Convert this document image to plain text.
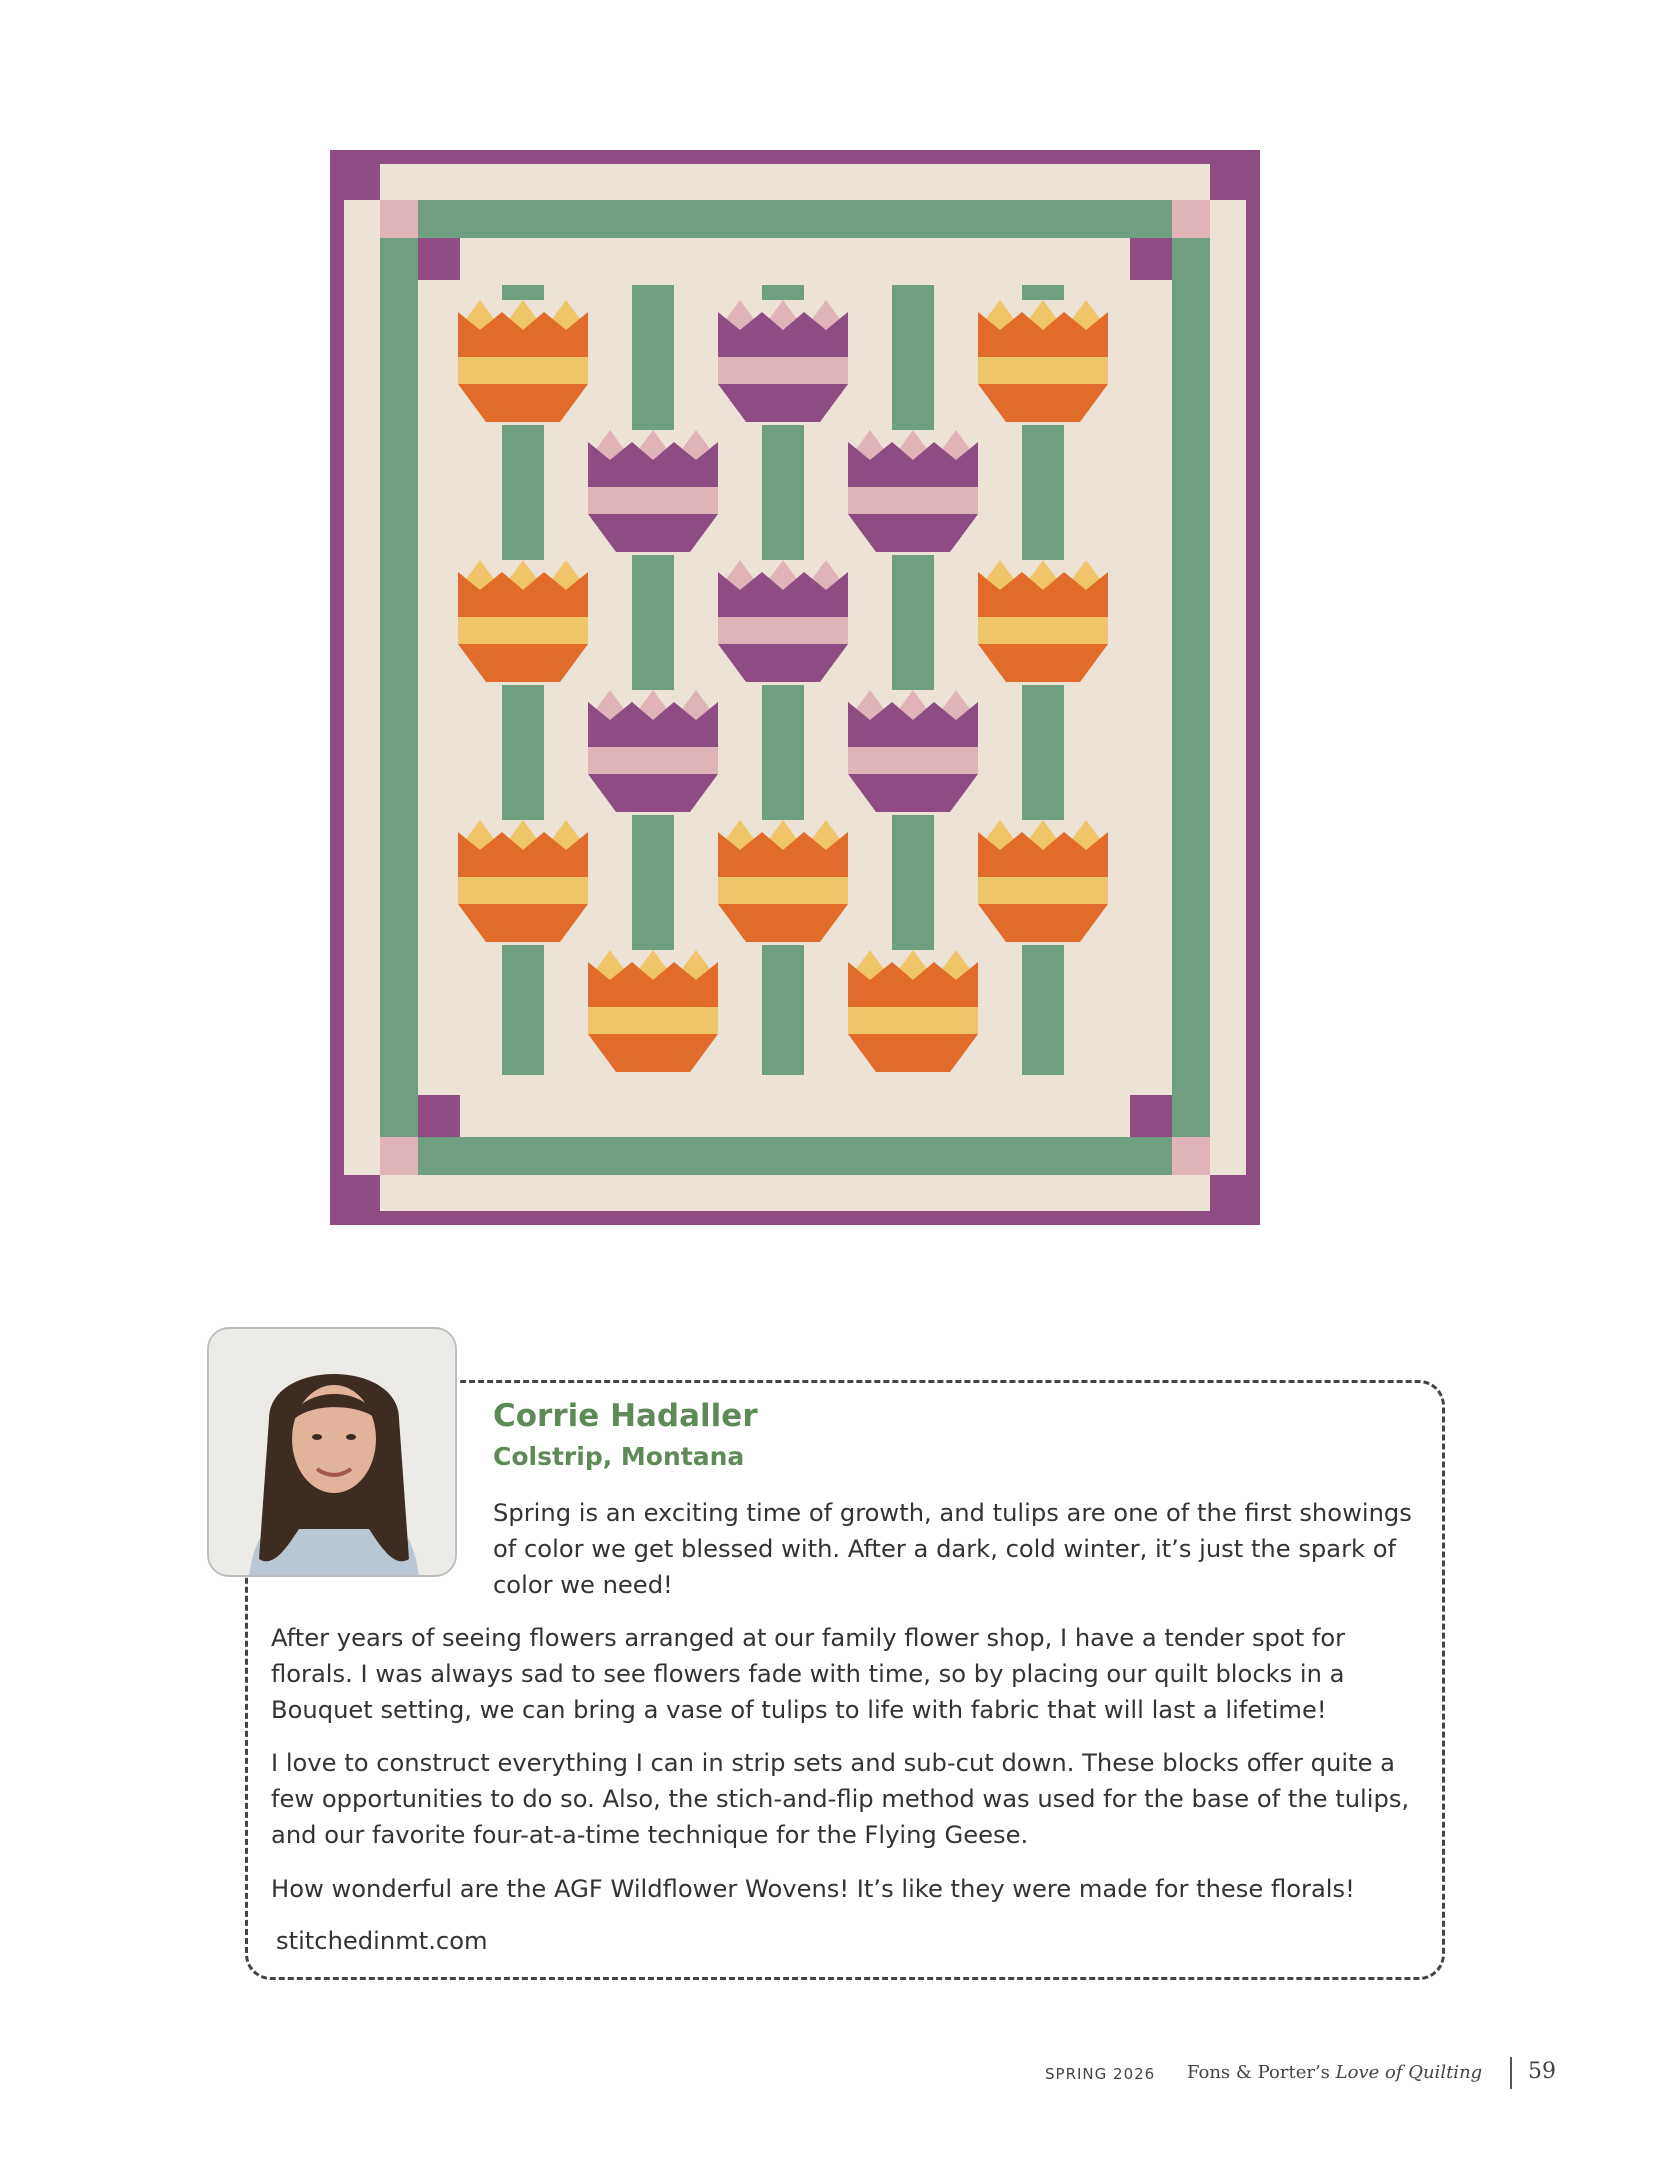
Corrie Hadaller
Colstrip, Montana

Spring is an exciting time of growth, and tulips are one of the first showings of color we get blessed with. After a dark, cold winter, it’s just the spark of color we need!

After years of seeing flowers arranged at our family flower shop, I have a tender spot for florals. I was always sad to see flowers fade with time, so by placing our quilt blocks in a Bouquet setting, we can bring a vase of tulips to life with fabric that will last a lifetime!

I love to construct everything I can in strip sets and sub-cut down. These blocks offer quite a few opportunities to do so. Also, the stich-and-flip method was used for the base of the tulips, and our favorite four-at-a-time technique for the Flying Geese.

How wonderful are the AGF Wildflower Wovens! It’s like they were made for these florals!

stitchedinmt.com

SPRING 2026 Fons & Porter’s Love of Quilting 59
